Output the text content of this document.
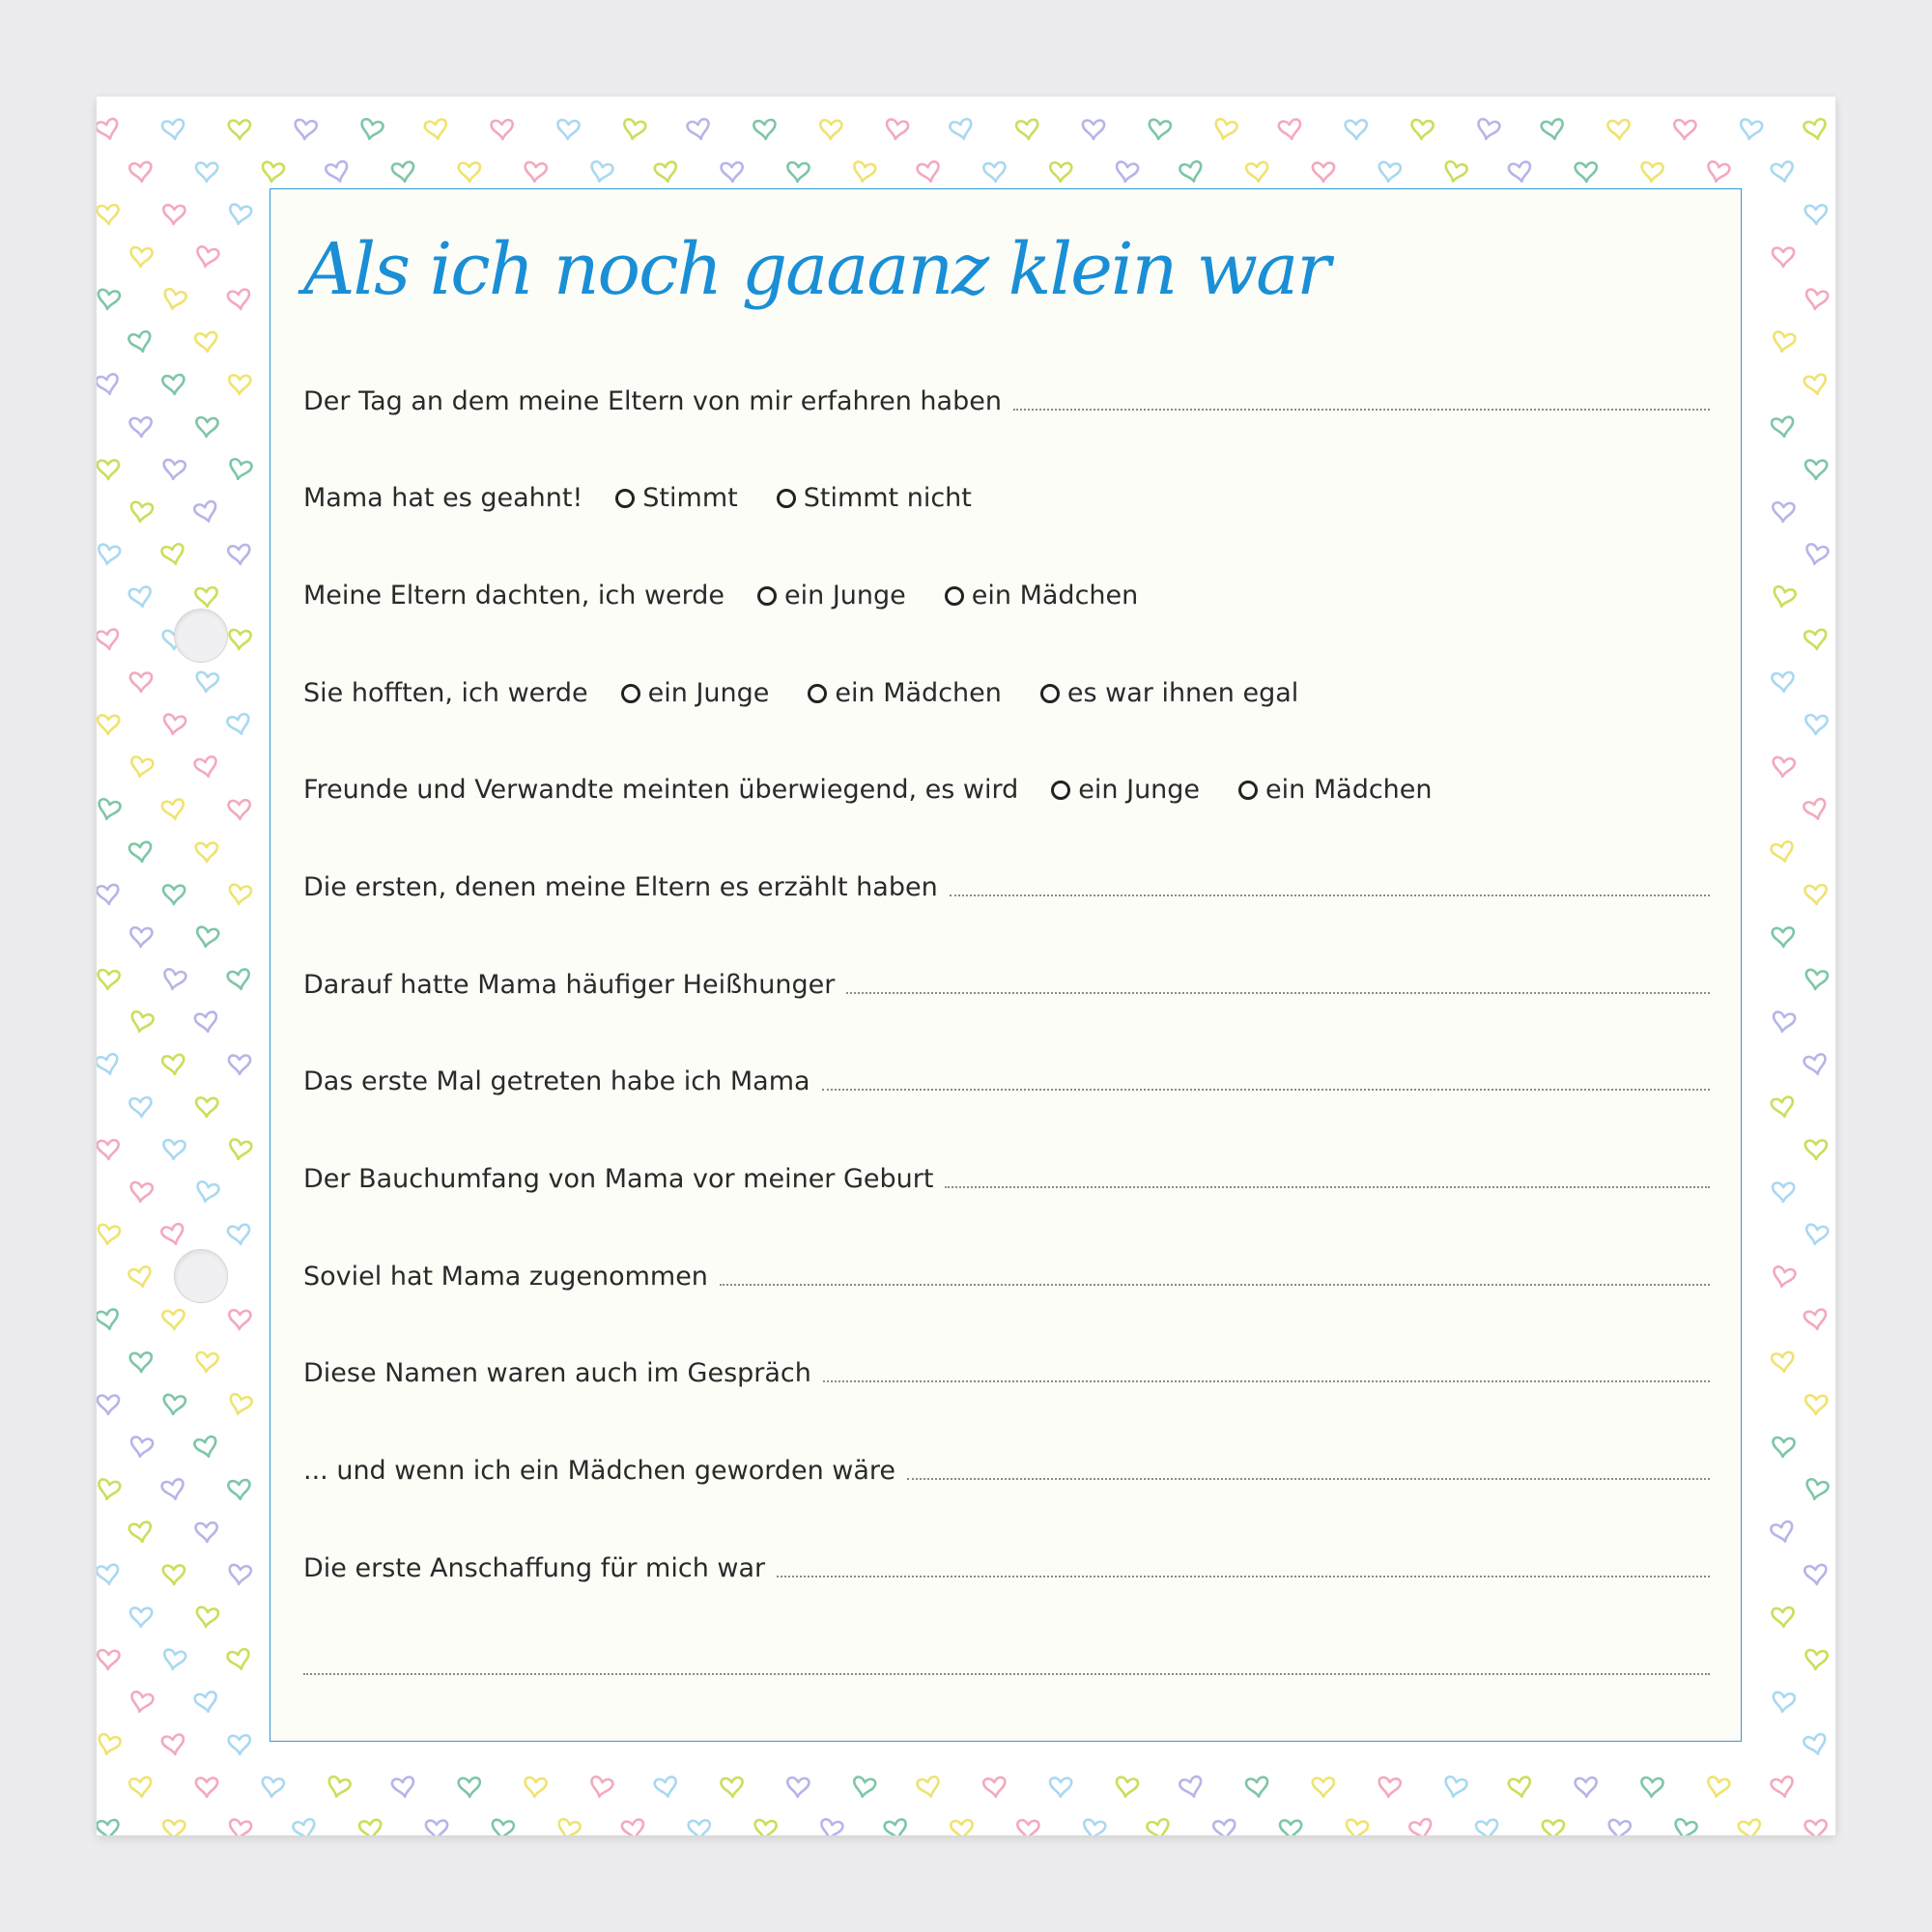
Als ich noch gaaanz klein war
Der Tag an dem meine Eltern von mir erfahren haben
Mama hat es geahnt! Stimmt	Stimmt nicht
Meine Eltern dachten, ich werde ein Junge	ein Mädchen
Sie hofften, ich werde ein Junge	ein Mädchen	es war ihnen egal
Freunde und Verwandte meinten überwiegend, es wird ein Junge	ein Mädchen
Die ersten, denen meine Eltern es erzählt haben
Darauf hatte Mama häufiger Heißhunger
Das erste Mal getreten habe ich Mama
Der Bauchumfang von Mama vor meiner Geburt
Soviel hat Mama zugenommen
Diese Namen waren auch im Gespräch
... und wenn ich ein Mädchen geworden wäre
Die erste Anschaffung für mich war
